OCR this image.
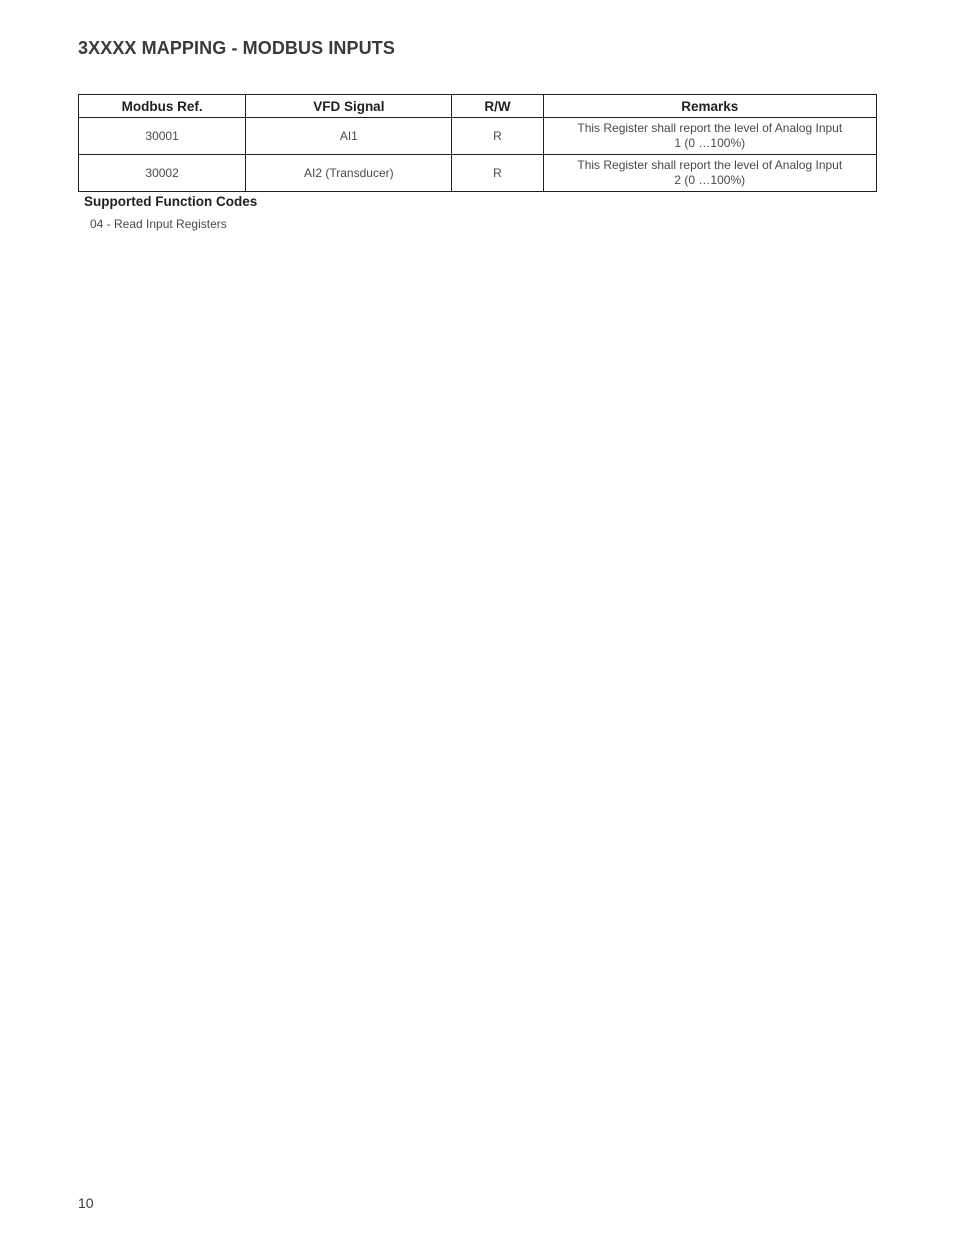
3XXXX MAPPING - MODBUS INPUTS
Modbus Ref.	VFD Signal	R/W	Remarks
30001	AI1	R	This Register shall report the level of Analog Input 1 (0 …100%)
30002	AI2 (Transducer)	R	This Register shall report the level of Analog Input 2 (0 …100%)

Supported Function Codes

04 - Read Input Registers

10
